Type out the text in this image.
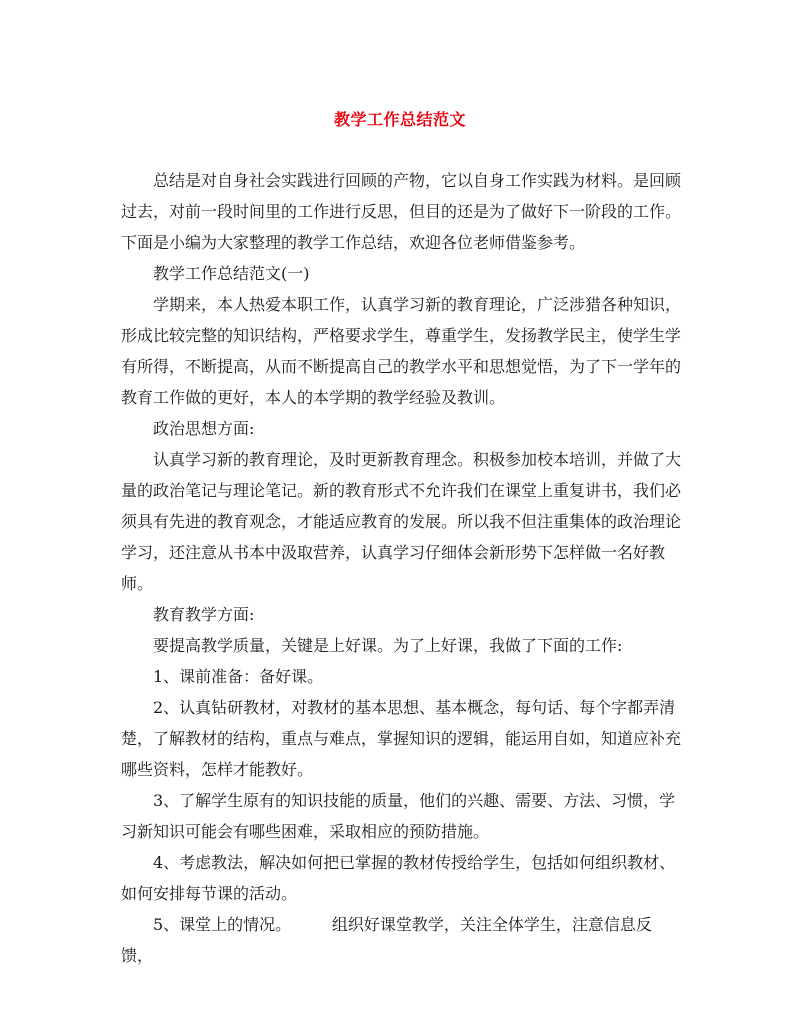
教学工作总结范文

总结是对自身社会实践进行回顾的产物，它以自身工作实践为材料。是回顾过去，对前一段时间里的工作进行反思，但目的还是为了做好下一阶段的工作。下面是小编为大家整理的教学工作总结，欢迎各位老师借鉴参考。

教学工作总结范文(一)

学期来，本人热爱本职工作，认真学习新的教育理论，广泛涉猎各种知识，形成比较完整的知识结构，严格要求学生，尊重学生，发扬教学民主，使学生学有所得，不断提高，从而不断提高自己的教学水平和思想觉悟，为了下一学年的教育工作做的更好，本人的本学期的教学经验及教训。

政治思想方面:

认真学习新的教育理论，及时更新教育理念。积极参加校本培训，并做了大量的政治笔记与理论笔记。新的教育形式不允许我们在课堂上重复讲书，我们必须具有先进的教育观念，才能适应教育的发展。所以我不但注重集体的政治理论学习，还注意从书本中汲取营养，认真学习仔细体会新形势下怎样做一名好教师。

教育教学方面:

要提高教学质量，关键是上好课。为了上好课，我做了下面的工作:

1、课前准备：备好课。

2、认真钻研教材，对教材的基本思想、基本概念，每句话、每个字都弄清楚，了解教材的结构，重点与难点，掌握知识的逻辑，能运用自如，知道应补充哪些资料，怎样才能教好。

3、了解学生原有的知识技能的质量，他们的兴趣、需要、方法、习惯，学习新知识可能会有哪些困难，采取相应的预防措施。

4、考虑教法，解决如何把已掌握的教材传授给学生，包括如何组织教材、如何安排每节课的活动。

5、课堂上的情况。        组织好课堂教学，关注全体学生，注意信息反馈，
